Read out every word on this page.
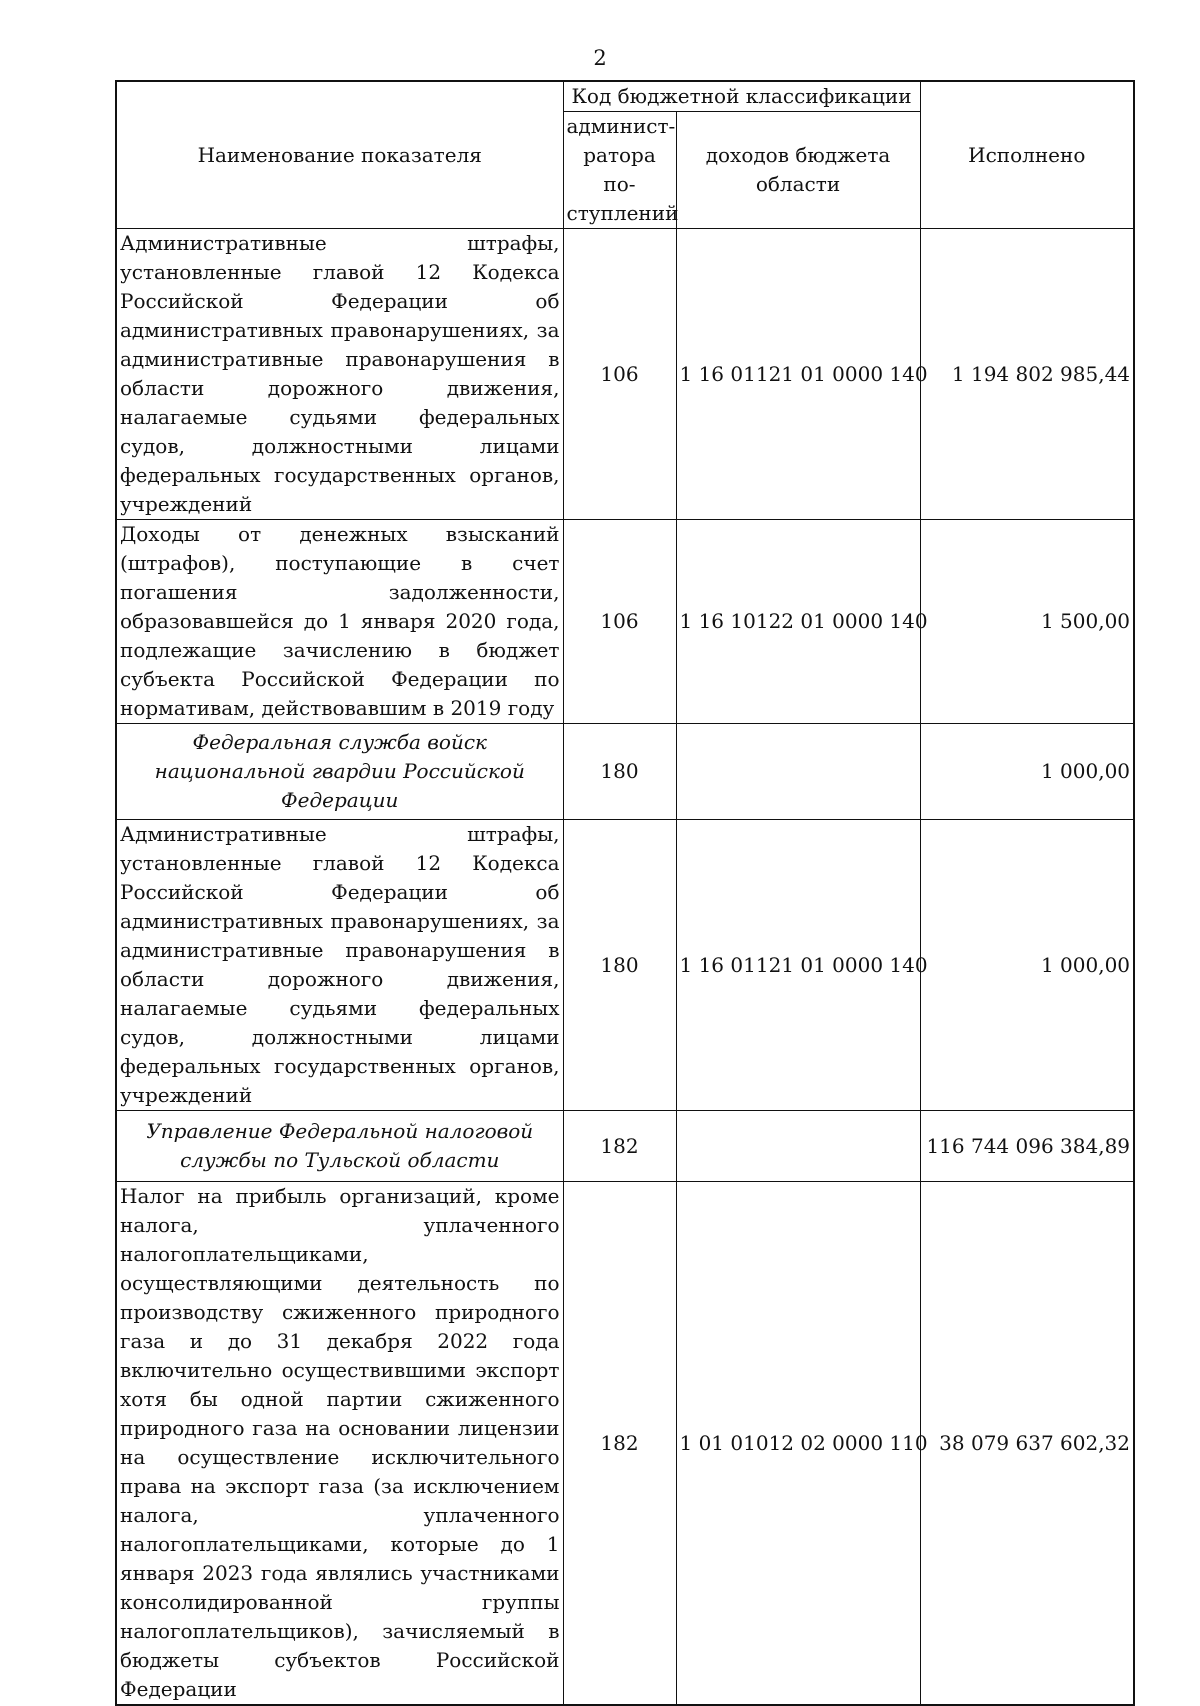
2
Наименование показателя	Код бюджетной классификации		Исполнено
	админист-ратора по-ступлений	доходов бюджета области	
Административные штрафы, установленные главой 12 Кодекса Российской Федерации об административных правонарушениях, за административные правонарушения в области дорожного движения, налагаемые судьями федеральных судов, должностными лицами федеральных государственных органов, учреждений	106	1 16 01121 01 0000 140	1 194 802 985,44
Доходы от денежных взысканий (штрафов), поступающие в счет погашения задолженности, образовавшейся до 1 января 2020 года, подлежащие зачислению в бюджет субъекта Российской Федерации по нормативам, действовавшим в 2019 году	106	1 16 10122 01 0000 140	1 500,00
Федеральная служба войск национальной гвардии Российской Федерации	180		1 000,00
Административные штрафы, установленные главой 12 Кодекса Российской Федерации об административных правонарушениях, за административные правонарушения в области дорожного движения, налагаемые судьями федеральных судов, должностными лицами федеральных государственных органов, учреждений	180	1 16 01121 01 0000 140	1 000,00
Управление Федеральной налоговой службы по Тульской области	182		116 744 096 384,89
Налог на прибыль организаций, кроме налога, уплаченного налогоплательщиками, осуществляющими деятельность по производству сжиженного природного газа и до 31 декабря 2022 года включительно осуществившими экспорт хотя бы одной партии сжиженного природного газа на основании лицензии на осуществление исключительного права на экспорт газа (за исключением налога, уплаченного налогоплательщиками, которые до 1 января 2023 года являлись участниками консолидированной группы налогоплательщиков), зачисляемый в бюджеты субъектов Российской Федерации	182	1 01 01012 02 0000 110	38 079 637 602,32
